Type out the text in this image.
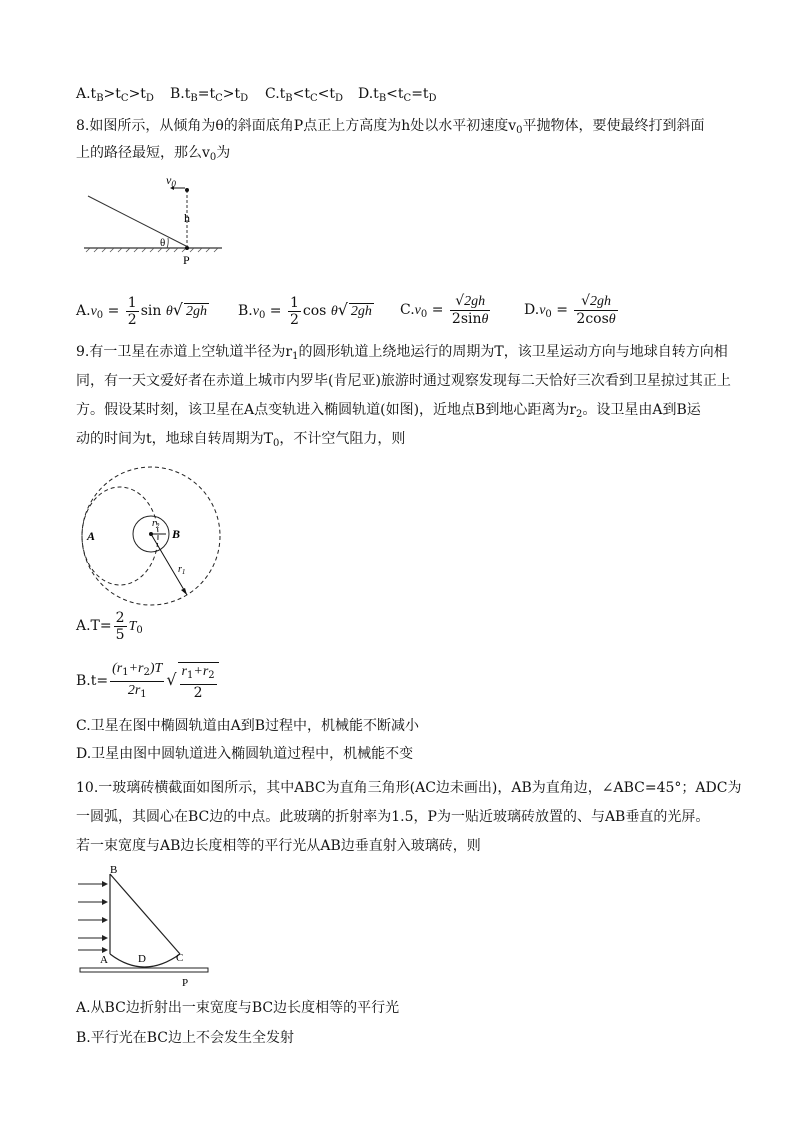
$A.t_B>t_C>t_D$ $B.t_B=t_C>t_D$ $C.t_B<t_C<t_D$ $D.t_B<t_C=t_D$
8.如图所示，从倾角为θ的斜面底角P点正上方高度为h处以水平初速度$v_0$平抛物体，要使最终打到斜面
上的路径最短，那么$v_0$为
$v_0$
h
θ
P
$A.v_0 = \frac{1}{2}$ sin θ√ 2gh $B.v_0 = \frac{1}{2}$ cos θ√ 2gh $C.v_0 = \frac{√2gh}{2\sin\theta} D.v_0 = \frac{√2gh}{2\cos\theta}$
9.有一卫星在赤道上空轨道半径为$r_1$的圆形轨道上绕地运行的周期为T，该卫星运动方向与地球自转方向相
同，有一天文爱好者在赤道上城市内罗毕(肯尼亚)旅游时通过观察发现每二天恰好三次看到卫星掠过其正上
方。假设某时刻，该卫星在A点变轨进入椭圆轨道(如图)，近地点B到地心距离为$r_2$。设卫星由A到B运
动的时间为t，地球自转周期为$T_0$，不计空气阻力，则
$r_2$
$r_1$
B
A
$A.T= \frac{2}{5} T_0$
$B.t= \frac{(r_1+r_2)T}{2r_1}$ √ $\frac{r_1+r_2}{2}$
C.卫星在图中椭圆轨道由A到B过程中，机械能不断减小
D.卫星由图中圆轨道进入椭圆轨道过程中，机械能不变
10.一玻璃砖横截面如图所示，其中ABC为直角三角形(AC边未画出)，AB为直角边，∠ABC=45°；ADC为
一圆弧，其圆心在BC边的中点。此玻璃的折射率为1.5，P为一贴近玻璃砖放置的、与AB垂直的光屏。
若一束宽度与AB边长度相等的平行光从AB边垂直射入玻璃砖，则
B
A	D	C
P
A.从BC边折射出一束宽度与BC边长度相等的平行光
B.平行光在BC边上不会发生全发射
